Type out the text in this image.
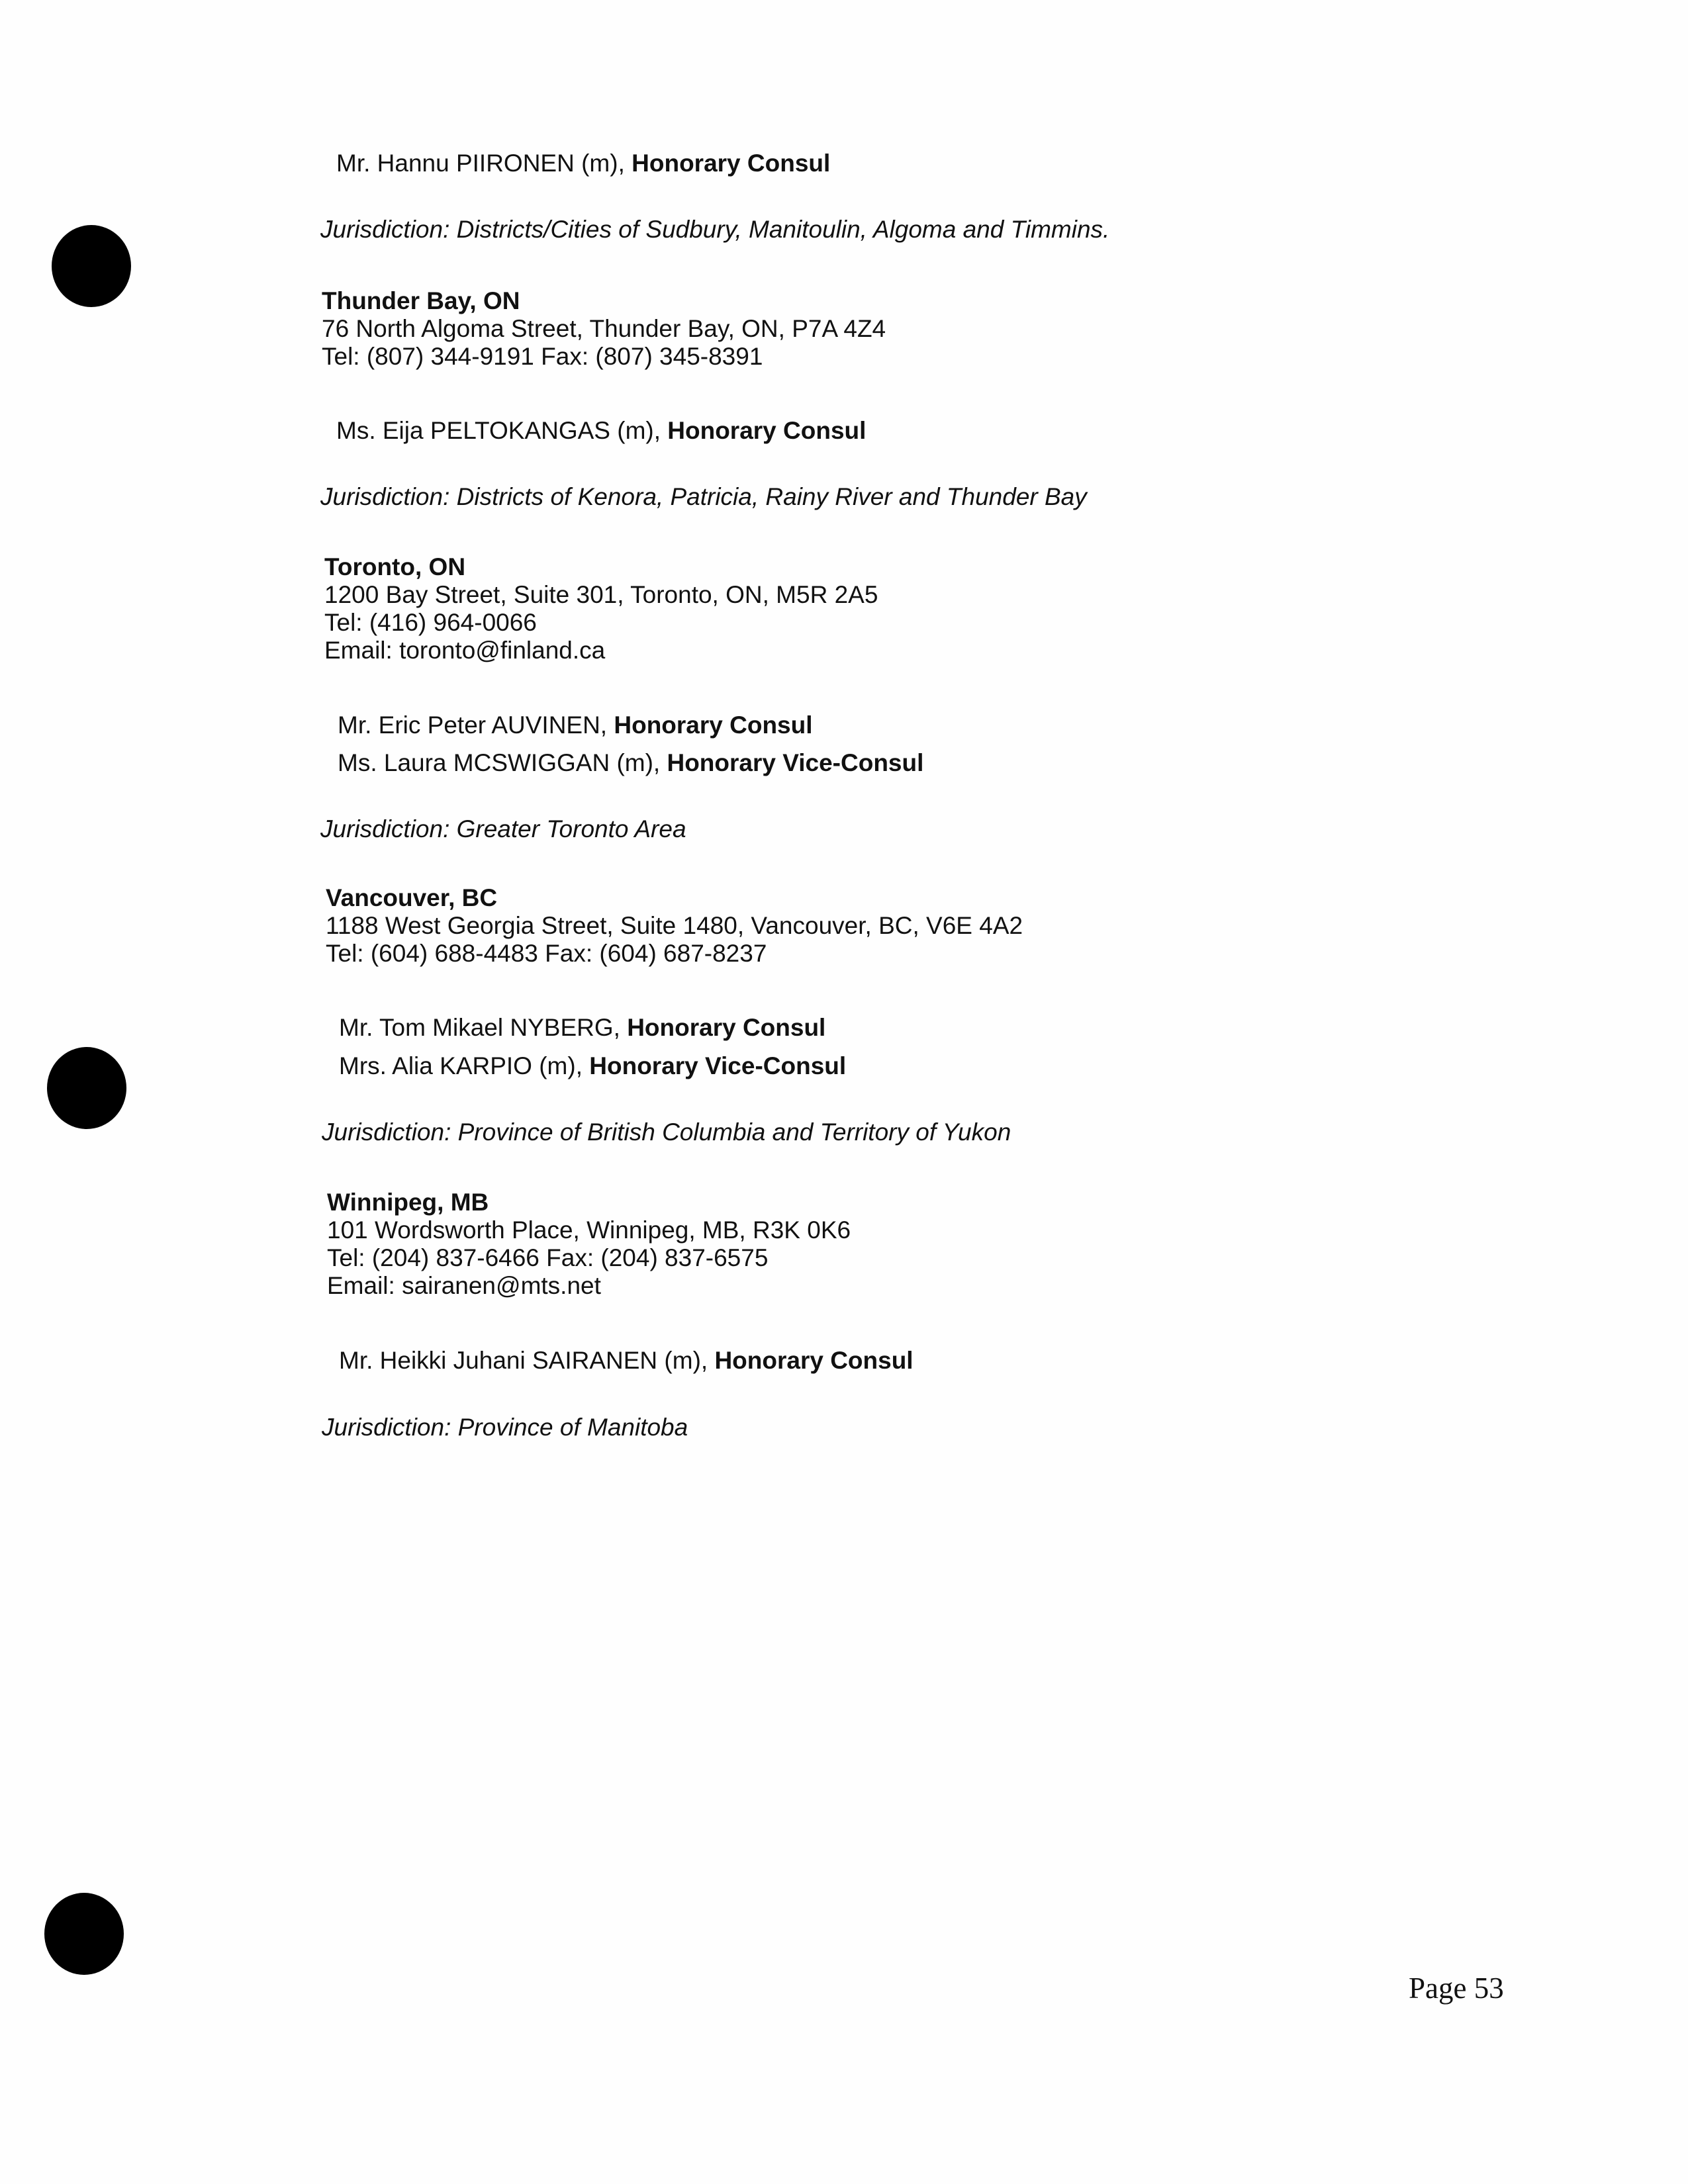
Mr. Hannu PIIRONEN (m), Honorary Consul
Jurisdiction: Districts/Cities of Sudbury, Manitoulin, Algoma and Timmins.
Thunder Bay, ON
76 North Algoma Street, Thunder Bay, ON, P7A 4Z4
Tel: (807) 344-9191 Fax: (807) 345-8391
Ms. Eija PELTOKANGAS (m), Honorary Consul
Jurisdiction: Districts of Kenora, Patricia, Rainy River and Thunder Bay
Toronto, ON
1200 Bay Street, Suite 301, Toronto, ON, M5R 2A5
Tel: (416) 964-0066
Email: toronto@finland.ca
Mr. Eric Peter AUVINEN, Honorary Consul
Ms. Laura MCSWIGGAN (m), Honorary Vice-Consul
Jurisdiction: Greater Toronto Area
Vancouver, BC
1188 West Georgia Street, Suite 1480, Vancouver, BC, V6E 4A2
Tel: (604) 688-4483 Fax: (604) 687-8237
Mr. Tom Mikael NYBERG, Honorary Consul
Mrs. Alia KARPIO (m), Honorary Vice-Consul
Jurisdiction: Province of British Columbia and Territory of Yukon
Winnipeg, MB
101 Wordsworth Place, Winnipeg, MB, R3K 0K6
Tel: (204) 837-6466 Fax: (204) 837-6575
Email: sairanen@mts.net
Mr. Heikki Juhani SAIRANEN (m), Honorary Consul
Jurisdiction: Province of Manitoba
Page 53
